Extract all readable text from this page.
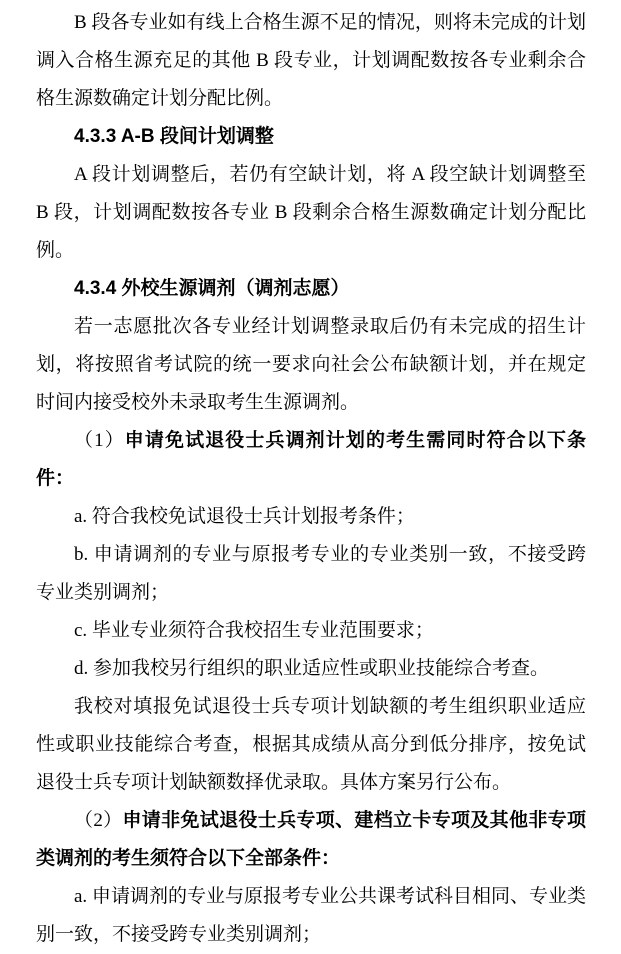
B 段各专业如有线上合格生源不足的情况，则将未完成的计划调入合格生源充足的其他 B 段专业，计划调配数按各专业剩余合格生源数确定计划分配比例。

4.3.3 A-B 段间计划调整

A 段计划调整后，若仍有空缺计划，将 A 段空缺计划调整至 B 段，计划调配数按各专业 B 段剩余合格生源数确定计划分配比例。

4.3.4 外校生源调剂（调剂志愿）

若一志愿批次各专业经计划调整录取后仍有未完成的招生计划，将按照省考试院的统一要求向社会公布缺额计划，并在规定时间内接受校外未录取考生生源调剂。

（1）申请免试退役士兵调剂计划的考生需同时符合以下条件：

a. 符合我校免试退役士兵计划报考条件；

b. 申请调剂的专业与原报考专业的专业类别一致，不接受跨专业类别调剂；

c. 毕业专业须符合我校招生专业范围要求；

d. 参加我校另行组织的职业适应性或职业技能综合考查。

我校对填报免试退役士兵专项计划缺额的考生组织职业适应性或职业技能综合考查，根据其成绩从高分到低分排序，按免试退役士兵专项计划缺额数择优录取。具体方案另行公布。

（2）申请非免试退役士兵专项、建档立卡专项及其他非专项类调剂的考生须符合以下全部条件：

a. 申请调剂的专业与原报考专业公共课考试科目相同、专业类别一致，不接受跨专业类别调剂；
